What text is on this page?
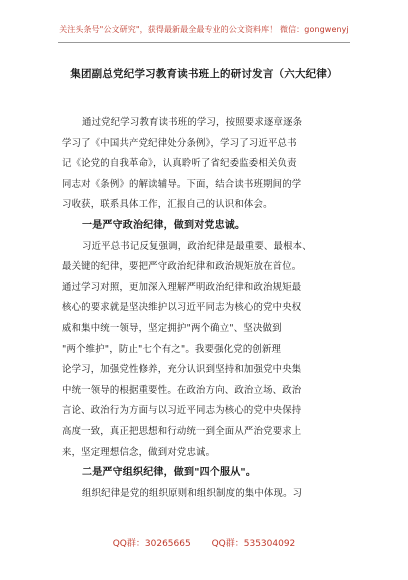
关注头条号"公文研究"，获得最新最全最专业的公文资料库！ 微信：gongwenyj
集团副总党纪学习教育读书班上的研讨发言（六大纪律）
通过党纪学习教育读书班的学习，按照要求逐章逐条
学习了《中国共产党纪律处分条例》，学习了习近平总书
记《论党的自我革命》，认真聆听了省纪委监委相关负责
同志对《条例》的解读辅导。下面，结合读书班期间的学
习收获，联系具体工作，汇报自己的认识和体会。
一是严守政治纪律，做到对党忠诚。
习近平总书记反复强调，政治纪律是最重要、最根本、
最关键的纪律，要把严守政治纪律和政治规矩放在首位。
通过学习对照，更加深入理解严明政治纪律和政治规矩最
核心的要求就是坚决维护以习近平同志为核心的党中央权
威和集中统一领导，坚定拥护"两个确立"、坚决做到
"两个维护"，防止"七个有之"。我要强化党的创新理
论学习，加强党性修养，充分认识到坚持和加强党中央集
中统一领导的根据重要性。在政治方向、政治立场、政治
言论、政治行为方面与以习近平同志为核心的党中央保持
高度一致，真正把思想和行动统一到全面从严治党要求上
来，坚定理想信念，做到对党忠诚。
二是严守组织纪律，做到"四个服从"。
组织纪律是党的组织原则和组织制度的集中体现。习
QQ群：30265665 QQ群：535304092
